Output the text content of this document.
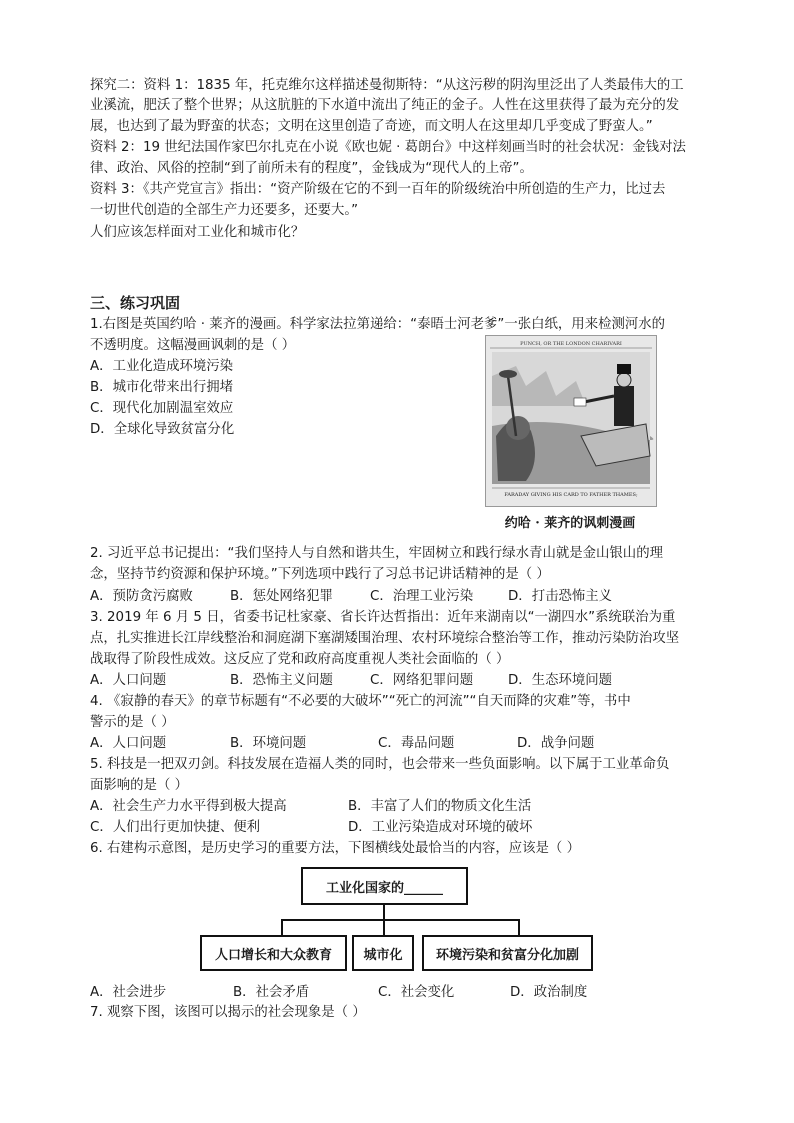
探究二：资料 1：1835 年，托克维尔这样描述曼彻斯特：“从这污秽的阴沟里泛出了人类最伟大的工
业溪流，肥沃了整个世界；从这肮脏的下水道中流出了纯正的金子。人性在这里获得了最为充分的发
展，也达到了最为野蛮的状态；文明在这里创造了奇迹，而文明人在这里却几乎变成了野蛮人。”
资料 2：19 世纪法国作家巴尔扎克在小说《欧也妮 · 葛朗台》中这样刻画当时的社会状况：金钱对法
律、政治、风俗的控制“到了前所未有的程度”，金钱成为“现代人的上帝”。
资料 3：《共产党宣言》指出：“资产阶级在它的不到一百年的阶级统治中所创造的生产力，比过去
一切世代创造的全部生产力还要多，还要大。”
人们应该怎样面对工业化和城市化？
三、练习巩固
1.右图是英国约哈 · 莱齐的漫画。科学家法拉第递给：“泰晤士河老爹”一张白纸，用来检测河水的
不透明度。这幅漫画讽刺的是（ ）
A．工业化造成环境污染
B．城市化带来出行拥堵
C．现代化加剧温室效应
D．全球化导致贫富分化
PUNCH, OR THE LONDON CHARIVARI
FARADAY GIVING HIS CARD TO FATHER THAMES;
约哈 · 莱齐的讽刺漫画
2. 习近平总书记提出：“我们坚持人与自然和谐共生，牢固树立和践行绿水青山就是金山银山的理
念，坚持节约资源和保护环境。”下列选项中践行了习总书记讲话精神的是（ ）
A．预防贪污腐败	B．惩处网络犯罪	C．治理工业污染	D．打击恐怖主义
3. 2019 年 6 月 5 日，省委书记杜家豪、省长许达哲指出：近年来湖南以“一湖四水”系统联治为重
点，扎实推进长江岸线整治和洞庭湖下塞湖矮围治理、农村环境综合整治等工作，推动污染防治攻坚
战取得了阶段性成效。这反应了党和政府高度重视人类社会面临的（ ）
A．人口问题	B．恐怖主义问题	C．网络犯罪问题	D．生态环境问题
4. 《寂静的春天》的章节标题有“不必要的大破坏”“死亡的河流”“自天而降的灾难”等，书中
警示的是（ ）
A．人口问题	B．环境问题	C．毒品问题	D．战争问题
5. 科技是一把双刃剑。科技发展在造福人类的同时，也会带来一些负面影响。以下属于工业革命负
面影响的是（ ）
A．社会生产力水平得到极大提高	B．丰富了人们的物质文化生活
C．人们出行更加快捷、便利	D．工业污染造成对环境的破坏
6. 右建构示意图，是历史学习的重要方法，下图横线处最恰当的内容，应该是（ ）
工业化国家的______
人口增长和大众教育	城市化	环境污染和贫富分化加剧
A．社会进步	B．社会矛盾	C．社会变化	D．政治制度
7. 观察下图，该图可以揭示的社会现象是（ ）
